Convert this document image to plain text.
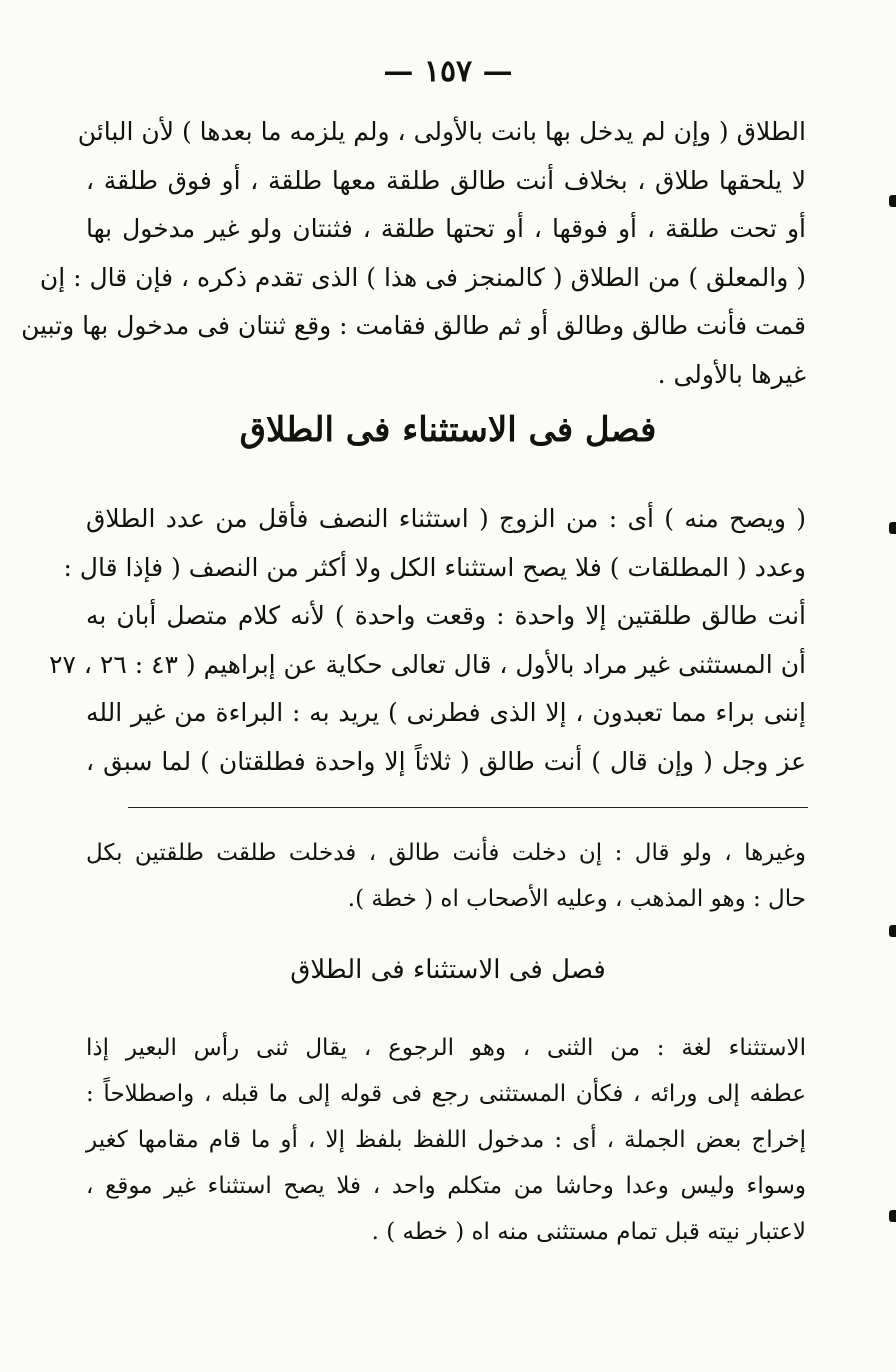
— ١٥٧ —
الطلاق ( وإن لم يدخل بها بانت بالأولى ، ولم يلزمه ما بعدها ) لأن البائن
لا يلحقها طلاق ، بخلاف أنت طالق طلقة معها طلقة ، أو فوق طلقة ،
أو تحت طلقة ، أو فوقها ، أو تحتها طلقة ، فثنتان ولو غير مدخول بها
( والمعلق ) من الطلاق ( كالمنجز فى هذا ) الذى تقدم ذكره ، فإن قال : إن
قمت فأنت طالق وطالق أو ثم طالق فقامت : وقع ثنتان فى مدخول بها وتبين
غيرها بالأولى .
فصل فى الاستثناء فى الطلاق
( ويصح منه ) أى : من الزوج ( استثناء النصف فأقل من عدد الطلاق
وعدد ( المطلقات ) فلا يصح استثناء الكل ولا أكثر من النصف ( فإذا قال :
أنت طالق طلقتين إلا واحدة : وقعت واحدة ) لأنه كلام متصل أبان به
أن المستثنى غير مراد بالأول ، قال تعالى حكاية عن إبراهيم ( ٤٣ : ٢٦ ، ٢٧
إننى براء مما تعبدون ، إلا الذى فطرنى ) يريد به : البراءة من غير الله
عز وجل ( وإن قال ) أنت طالق ( ثلاثاً إلا واحدة فطلقتان ) لما سبق ،
وغيرها ، ولو قال : إن دخلت فأنت طالق ، فدخلت طلقت طلقتين بكل
حال : وهو المذهب ، وعليه الأصحاب اه ( خطة ).
فصل فى الاستثناء فى الطلاق
الاستثناء لغة : من الثنى ، وهو الرجوع ، يقال ثنى رأس البعير إذا
عطفه إلى ورائه ، فكأن المستثنى رجع فى قوله إلى ما قبله ، واصطلاحاً :
إخراج بعض الجملة ، أى : مدخول اللفظ بلفظ إلا ، أو ما قام مقامها كغير
وسواء وليس وعدا وحاشا من متكلم واحد ، فلا يصح استثناء غير موقع ،
لاعتبار نيته قبل تمام مستثنى منه اه ( خطه ) .
